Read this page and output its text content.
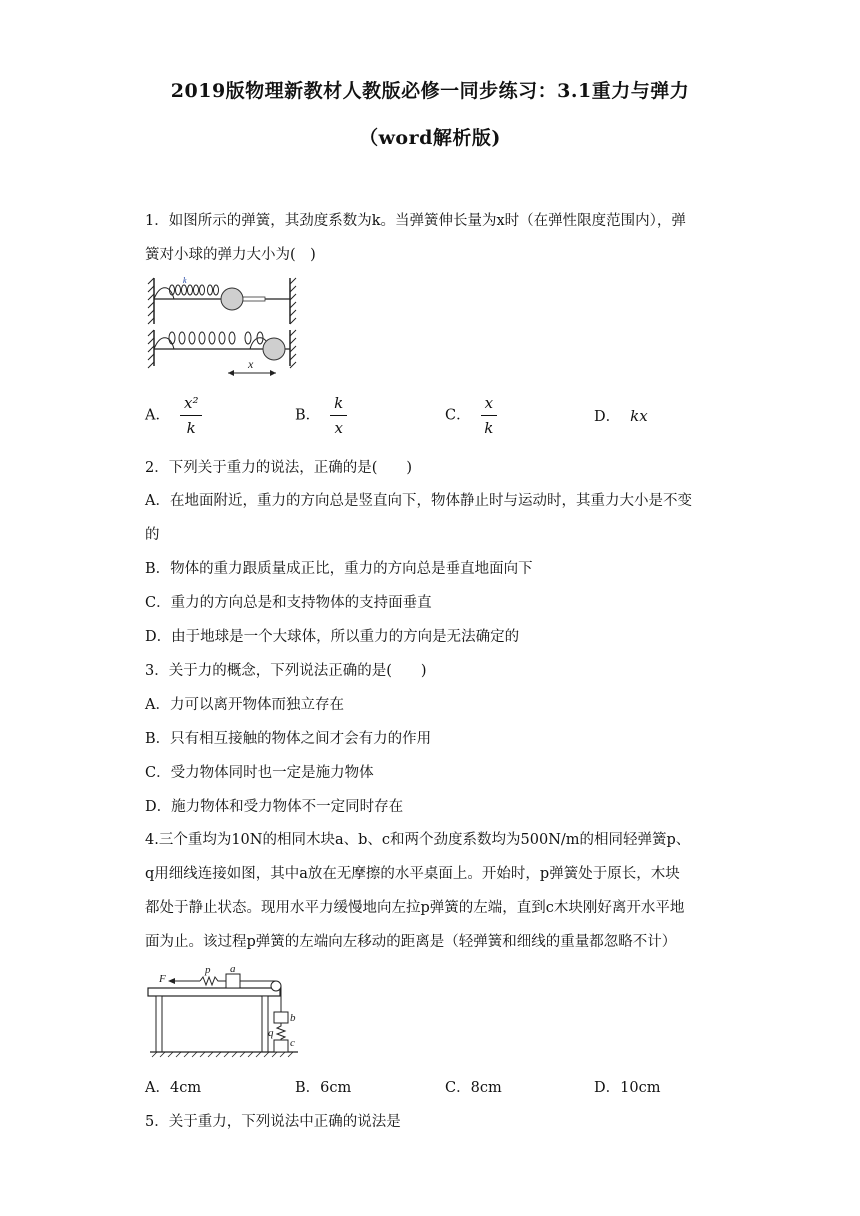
2019版物理新教材人教版必修一同步练习：3.1重力与弹力
（word解析版)
1．如图所示的弹簧，其劲度系数为k。当弹簧伸长量为x时（在弹性限度范围内），弹
簧对小球的弹力大小为(　)
k
x
A． $\frac{\text{x²}}{k}$	B． $\frac{k}{x}$	C． $\frac{x}{k}$	D． kx
2．下列关于重力的说法，正确的是(　　)
A．在地面附近，重力的方向总是竖直向下，物体静止时与运动时，其重力大小是不变
的
B．物体的重力跟质量成正比，重力的方向总是垂直地面向下
C．重力的方向总是和支持物体的支持面垂直
D．由于地球是一个大球体，所以重力的方向是无法确定的
3．关于力的概念，下列说法正确的是(　　)
A．力可以离开物体而独立存在
B．只有相互接触的物体之间才会有力的作用
C．受力物体同时也一定是施力物体
D．施力物体和受力物体不一定同时存在
4.三个重均为10N的相同木块a、b、c和两个劲度系数均为500N/m的相同轻弹簧p、
q用细线连接如图，其中a放在无摩擦的水平桌面上。开始时，p弹簧处于原长，木块
都处于静止状态。现用水平力缓慢地向左拉p弹簧的左端，直到c木块刚好离开水平地
面为止。该过程p弹簧的左端向左移动的距离是（轻弹簧和细线的重量都忽略不计）
F
p a
b
q
c
A．4cm	B．6cm	C．8cm	D．10cm
5．关于重力，下列说法中正确的说法是
